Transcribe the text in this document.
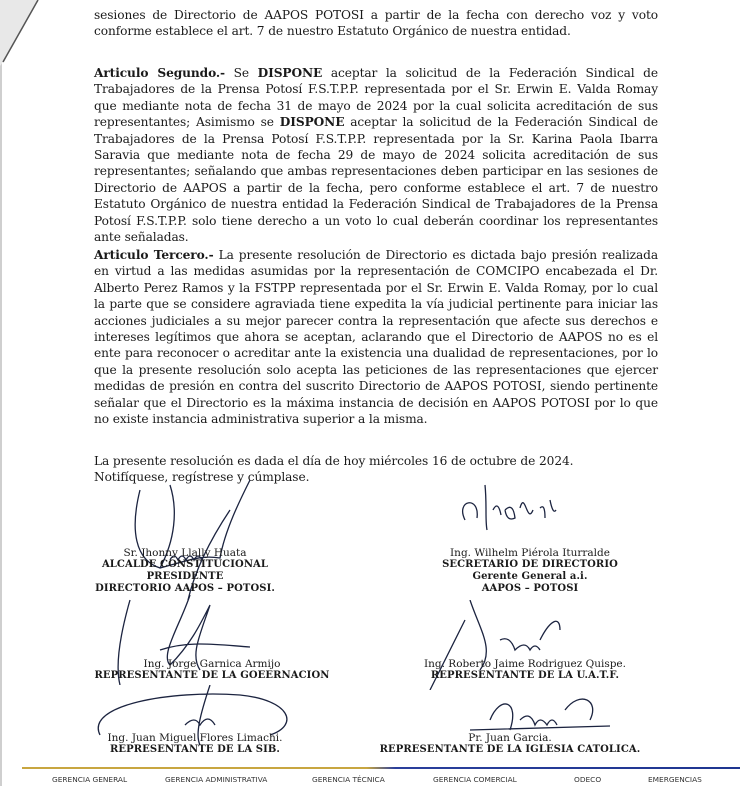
sesiones de Directorio de AAPOS POTOSI a partir de la fecha con derecho voz y voto conforme establece el art. 7 de nuestro Estatuto Orgánico de nuestra entidad.

Articulo Segundo.- Se DISPONE aceptar la solicitud de la Federación Sindical de Trabajadores de la Prensa Potosí F.S.T.P.P. representada por el Sr. Erwin E. Valda Romay que mediante nota de fecha 31 de mayo de 2024 por la cual solicita acreditación de sus representantes; Asimismo se DISPONE aceptar la solicitud de la Federación Sindical de Trabajadores de la Prensa Potosí F.S.T.P.P. representada por la Sr. Karina Paola Ibarra Saravia que mediante nota de fecha 29 de mayo de 2024 solicita acreditación de sus representantes; señalando que ambas representaciones deben participar en las sesiones de Directorio de AAPOS a partir de la fecha, pero conforme establece el art. 7 de nuestro Estatuto Orgánico de nuestra entidad la Federación Sindical de Trabajadores de la Prensa Potosí F.S.T.P.P. solo tiene derecho a un voto lo cual deberán coordinar los representantes ante señaladas.

Articulo Tercero.- La presente resolución de Directorio es dictada bajo presión realizada en virtud a las medidas asumidas por la representación de COMCIPO encabezada el Dr. Alberto Perez Ramos y la FSTPP representada por el Sr. Erwin E. Valda Romay, por lo cual la parte que se considere agraviada tiene expedita la vía judicial pertinente para iniciar las acciones judiciales a su mejor parecer contra la representación que afecte sus derechos e intereses legítimos que ahora se aceptan, aclarando que el Directorio de AAPOS no es el ente para reconocer o acreditar ante la existencia una dualidad de representaciones, por lo que la presente resolución solo acepta las peticiones de las representaciones que ejercer medidas de presión en contra del suscrito Directorio de AAPOS POTOSI, siendo pertinente señalar que el Directorio es la máxima instancia de decisión en AAPOS POTOSI por lo que no existe instancia administrativa superior a la misma.

La presente resolución es dada el día de hoy miércoles 16 de octubre de 2024.
Notifíquese, regístrese y cúmplase.
Sr. Jhonny Llally Huata
ALCALDE CONSTITUCIONAL
PRESIDENTE
DIRECTORIO AAPOS – POTOSI.
Ing. Wilhelm Piérola Iturralde
SECRETARIO DE DIRECTORIO
Gerente General a.i.
AAPOS – POTOSI
Ing. Jorge Garnica Armijo
REPRESENTANTE DE LA GOEERNACION
Ing. Roberto Jaime Rodriguez Quispe.
REPRESENTANTE DE LA U.A.T.F.
Ing. Juan Miguel Flores Limachi.
REPRESENTANTE DE LA SIB.
Pr. Juan Garcia.
REPRESENTANTE DE LA IGLESIA CATOLICA.
GERENCIA GENERAL	GERENCIA ADMINISTRATIVA	GERENCIA TÉCNICA	GERENCIA COMERCIAL	ODECO	EMERGENCIAS
